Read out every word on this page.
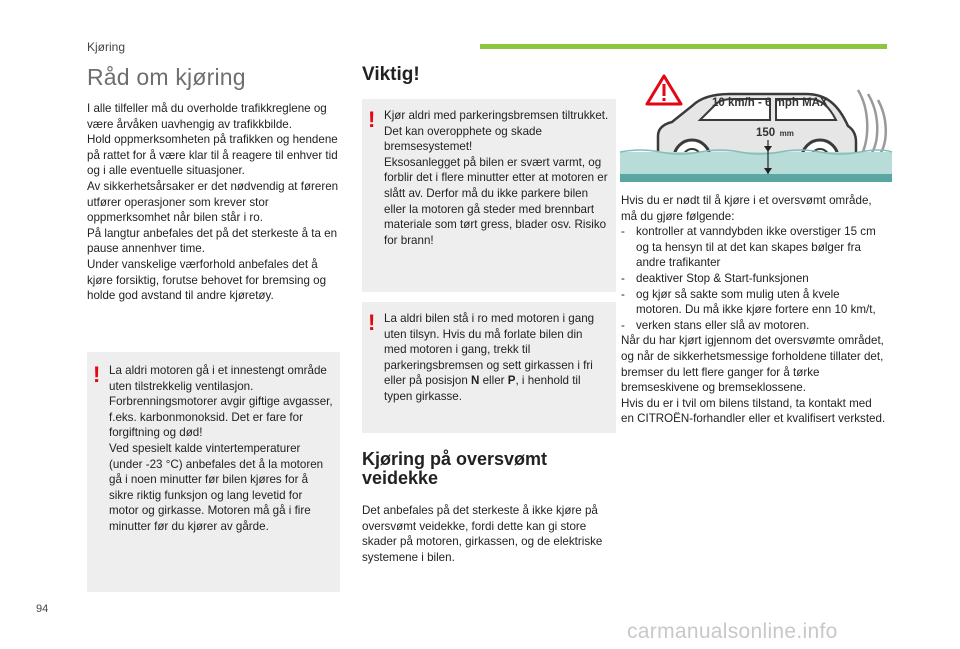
Kjøring
Råd om kjøring

I alle tilfeller må du overholde trafikkreglene og være årvåken uavhengig av trafikkbilde.

Hold oppmerksomheten på trafikken og hendene på rattet for å være klar til å reagere til enhver tid og i alle eventuelle situasjoner.

Av sikkerhetsårsaker er det nødvendig at føreren utfører operasjoner som krever stor oppmerksomhet når bilen står i ro.

På langtur anbefales det på det sterkeste å ta en pause annenhver time.

Under vanskelige værforhold anbefales det å kjøre forsiktig, forutse behovet for bremsing og holde god avstand til andre kjøretøy.

! La aldri motoren gå i et innestengt område uten tilstrekkelig ventilasjon. Forbrenningsmotorer avgir giftige avgasser, f.eks. karbonmonoksid. Det er fare for forgiftning og død!

Ved spesielt kalde vintertemperaturer (under -23 °C) anbefales det å la motoren gå i noen minutter før bilen kjøres for å sikre riktig funksjon og lang levetid for motor og girkasse. Motoren må gå i fire minutter før du kjører av gårde.

Viktig!
! Kjør aldri med parkeringsbremsen tiltrukket. Det kan overopphete og skade bremsesystemet!

Eksosanlegget på bilen er svært varmt, og forblir det i flere minutter etter at motoren er slått av. Derfor må du ikke parkere bilen eller la motoren gå steder med brennbart materiale som tørt gress, blader osv. Risiko for brann!

! La aldri bilen stå i ro med motoren i gang uten tilsyn. Hvis du må forlate bilen din med motoren i gang, trekk til parkeringsbremsen og sett girkassen i fri eller på posisjon N eller P, i henhold til typen girkasse.
Kjøring på oversvømt veidekke
Det anbefales på det sterkeste å ikke kjøre på oversvømt veidekke, fordi dette kan gi store skader på motoren, girkassen, og de elektriske systemene i bilen.
10 km/h - 6 mph MAX
150 mm

Hvis du er nødt til å kjøre i et oversvømt område, må du gjøre følgende:

- kontroller at vanndybden ikke overstiger 15 cm og ta hensyn til at det kan skapes bølger fra andre trafikanter
- deaktiver Stop & Start-funksjonen
- og kjør så sakte som mulig uten å kvele motoren. Du må ikke kjøre fortere enn 10 km/t,
- verken stans eller slå av motoren.

Når du har kjørt igjennom det oversvømte området, og når de sikkerhetsmessige forholdene tillater det, bremser du lett flere ganger for å tørke bremseskivene og bremseklossene.

Hvis du er i tvil om bilens tilstand, ta kontakt med en CITROËN-forhandler eller et kvalifisert verksted.

94
carmanualsonline.info
